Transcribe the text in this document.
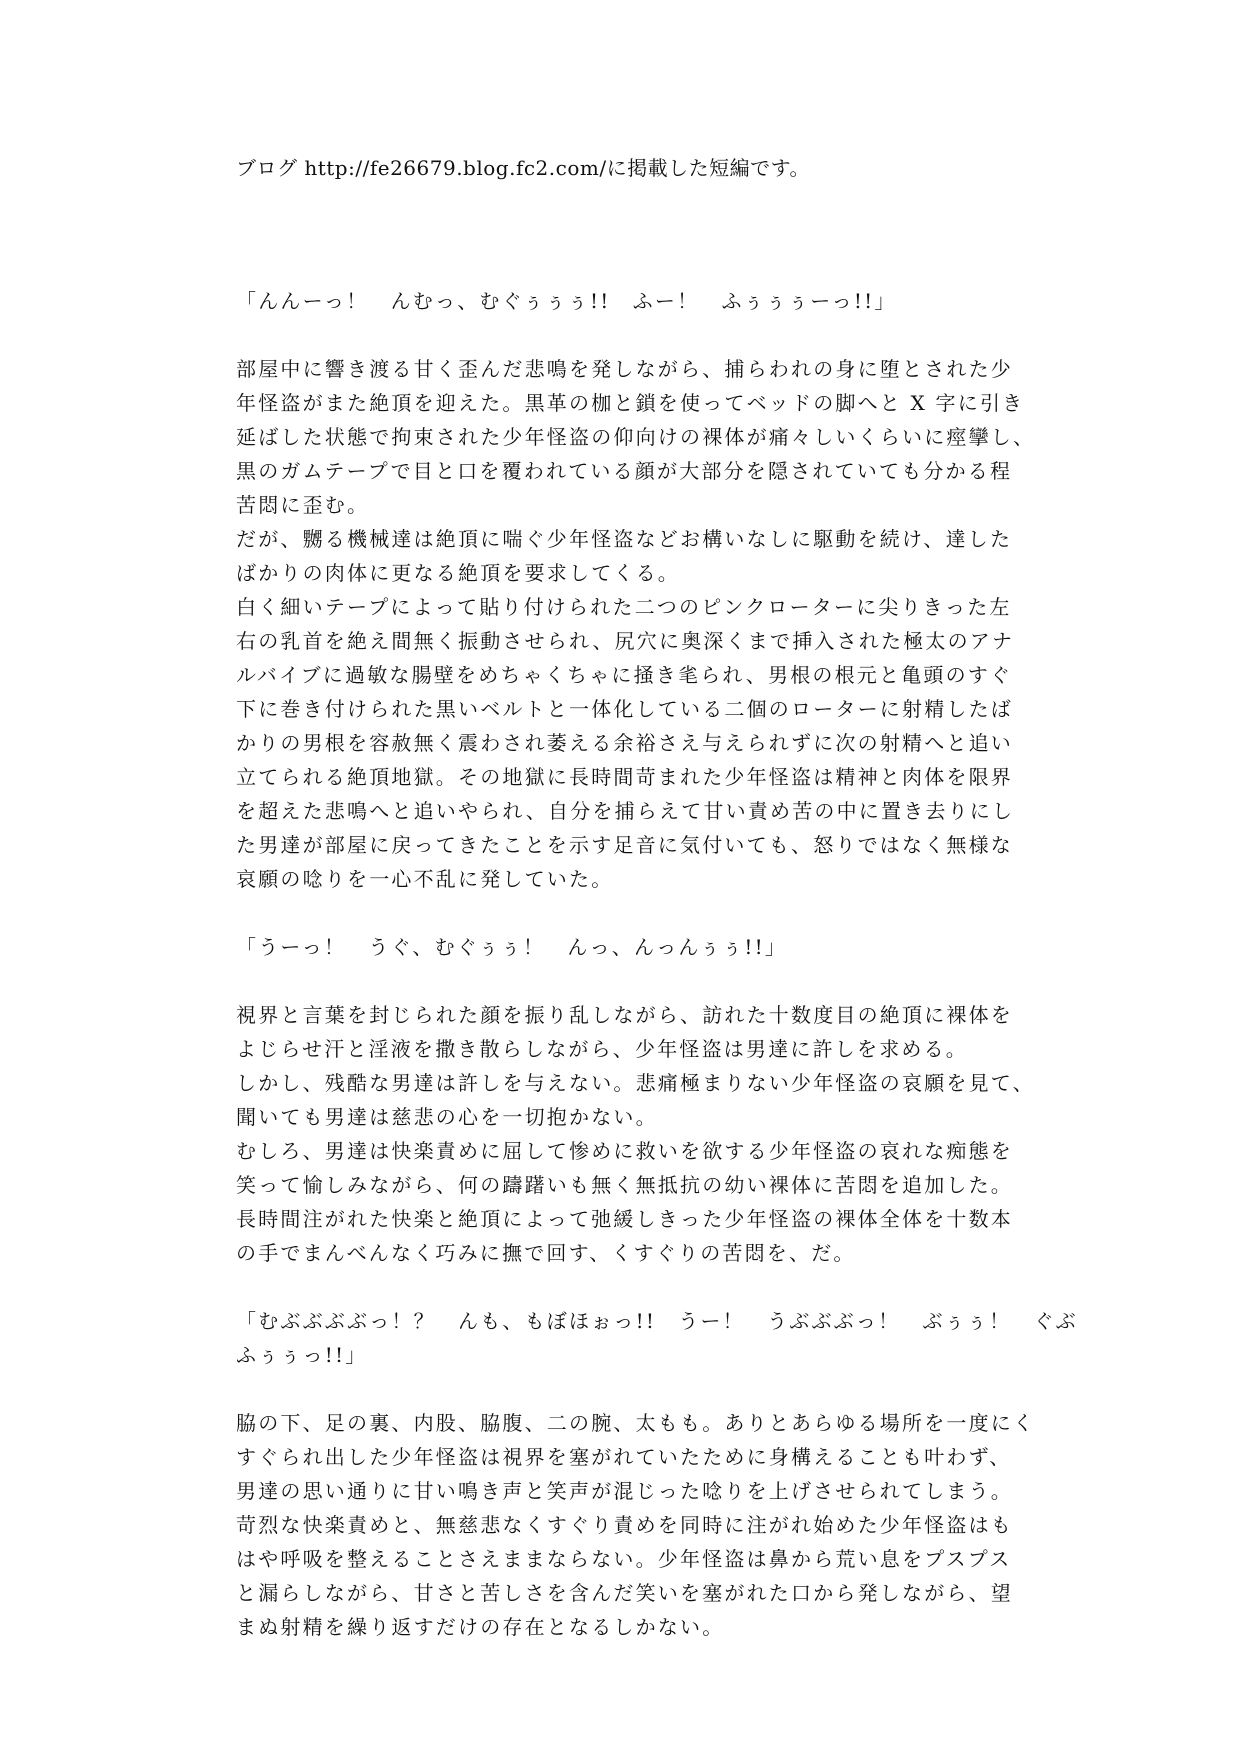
ブログ http://fe26679.blog.fc2.com/に掲載した短編です。
「んんーっ！　んむっ、むぐぅぅぅ!!　ふー！　ふぅぅぅーっ!!」
部屋中に響き渡る甘く歪んだ悲鳴を発しながら、捕らわれの身に堕とされた少
年怪盗がまた絶頂を迎えた。黒革の枷と鎖を使ってベッドの脚へと X 字に引き
延ばした状態で拘束された少年怪盗の仰向けの裸体が痛々しいくらいに痙攣し、
黒のガムテープで目と口を覆われている顔が大部分を隠されていても分かる程
苦悶に歪む。
だが、嬲る機械達は絶頂に喘ぐ少年怪盗などお構いなしに駆動を続け、達した
ばかりの肉体に更なる絶頂を要求してくる。
白く細いテープによって貼り付けられた二つのピンクローターに尖りきった左
右の乳首を絶え間無く振動させられ、尻穴に奥深くまで挿入された極太のアナ
ルバイブに過敏な腸壁をめちゃくちゃに掻き毟られ、男根の根元と亀頭のすぐ
下に巻き付けられた黒いベルトと一体化している二個のローターに射精したば
かりの男根を容赦無く震わされ萎える余裕さえ与えられずに次の射精へと追い
立てられる絶頂地獄。その地獄に長時間苛まれた少年怪盗は精神と肉体を限界
を超えた悲鳴へと追いやられ、自分を捕らえて甘い責め苦の中に置き去りにし
た男達が部屋に戻ってきたことを示す足音に気付いても、怒りではなく無様な
哀願の唸りを一心不乱に発していた。
「うーっ！　うぐ、むぐぅぅ！　んっ、んっんぅぅ!!」
視界と言葉を封じられた顔を振り乱しながら、訪れた十数度目の絶頂に裸体を
よじらせ汗と淫液を撒き散らしながら、少年怪盗は男達に許しを求める。
しかし、残酷な男達は許しを与えない。悲痛極まりない少年怪盗の哀願を見て、
聞いても男達は慈悲の心を一切抱かない。
むしろ、男達は快楽責めに屈して惨めに救いを欲する少年怪盗の哀れな痴態を
笑って愉しみながら、何の躊躇いも無く無抵抗の幼い裸体に苦悶を追加した。
長時間注がれた快楽と絶頂によって弛緩しきった少年怪盗の裸体全体を十数本
の手でまんべんなく巧みに撫で回す、くすぐりの苦悶を、だ。
「むぶぶぶぶっ！？　んも、もぼほぉっ!!　うー！　うぶぶぶっ！　ぶぅぅ！　ぐぶ
ふぅぅっ!!」
脇の下、足の裏、内股、脇腹、二の腕、太もも。ありとあらゆる場所を一度にく
すぐられ出した少年怪盗は視界を塞がれていたために身構えることも叶わず、
男達の思い通りに甘い鳴き声と笑声が混じった唸りを上げさせられてしまう。
苛烈な快楽責めと、無慈悲なくすぐり責めを同時に注がれ始めた少年怪盗はも
はや呼吸を整えることさえままならない。少年怪盗は鼻から荒い息をプスプス
と漏らしながら、甘さと苦しさを含んだ笑いを塞がれた口から発しながら、望
まぬ射精を繰り返すだけの存在となるしかない。
